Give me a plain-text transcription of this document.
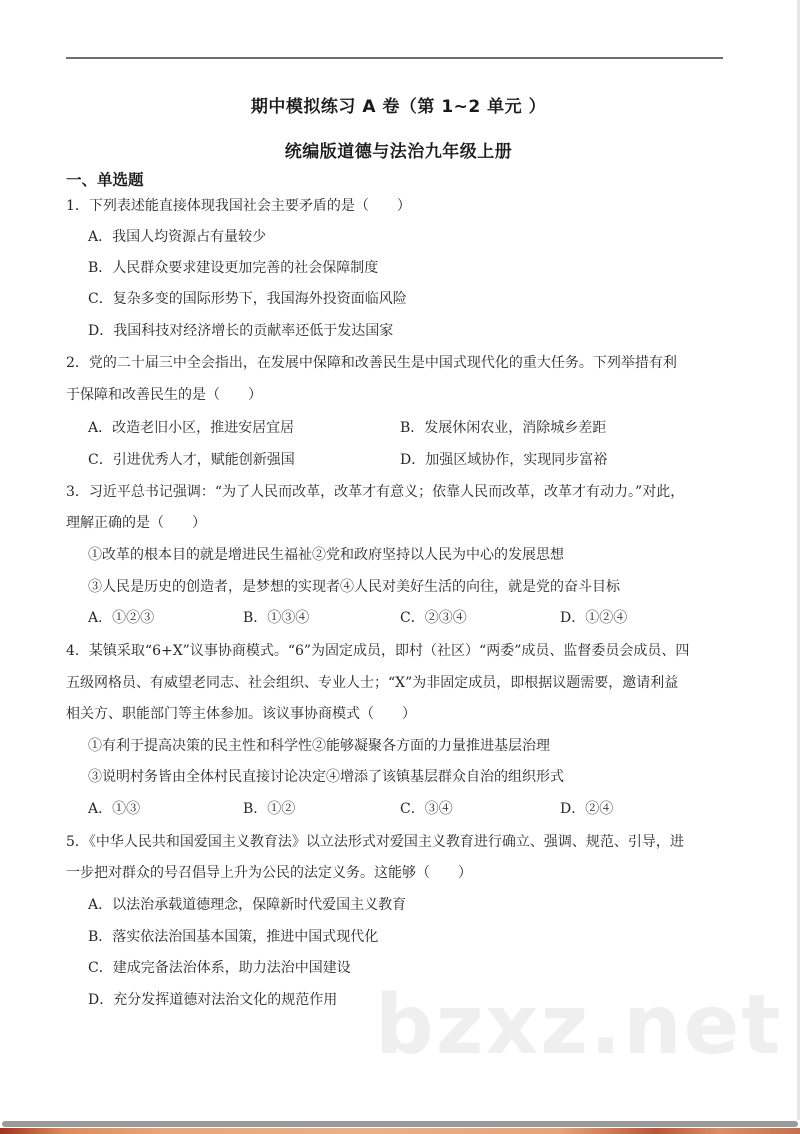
期中模拟练习 A 卷（第 1~2 单元 ）
统编版道德与法治九年级上册
一、单选题
1．下列表述能直接体现我国社会主要矛盾的是（　　）
A．我国人均资源占有量较少
B．人民群众要求建设更加完善的社会保障制度
C．复杂多变的国际形势下，我国海外投资面临风险
D．我国科技对经济增长的贡献率还低于发达国家
2．党的二十届三中全会指出，在发展中保障和改善民生是中国式现代化的重大任务。下列举措有利
于保障和改善民生的是（　　）
A．改造老旧小区，推进安居宜居	B．发展休闲农业，消除城乡差距
C．引进优秀人才，赋能创新强国	D．加强区域协作，实现同步富裕
3．习近平总书记强调：“为了人民而改革，改革才有意义；依靠人民而改革，改革才有动力。”对此，
理解正确的是（　　）
①改革的根本目的就是增进民生福祉②党和政府坚持以人民为中心的发展思想
③人民是历史的创造者，是梦想的实现者④人民对美好生活的向往，就是党的奋斗目标
A．①②③	B．①③④	C．②③④	D．①②④
4．某镇采取“6+X”议事协商模式。“6”为固定成员，即村（社区）“两委”成员、监督委员会成员、四
五级网格员、有威望老同志、社会组织、专业人士；“X”为非固定成员，即根据议题需要，邀请利益
相关方、职能部门等主体参加。该议事协商模式（　　）
①有利于提高决策的民主性和科学性②能够凝聚各方面的力量推进基层治理
③说明村务皆由全体村民直接讨论决定④增添了该镇基层群众自治的组织形式
A．①③	B．①②	C．③④	D．②④
5．《中华人民共和国爱国主义教育法》以立法形式对爱国主义教育进行确立、强调、规范、引导，进
一步把对群众的号召倡导上升为公民的法定义务。这能够（　　）
A．以法治承载道德理念，保障新时代爱国主义教育
B．落实依法治国基本国策，推进中国式现代化
C．建成完备法治体系，助力法治中国建设
D．充分发挥道德对法治文化的规范作用 bzxz.net
